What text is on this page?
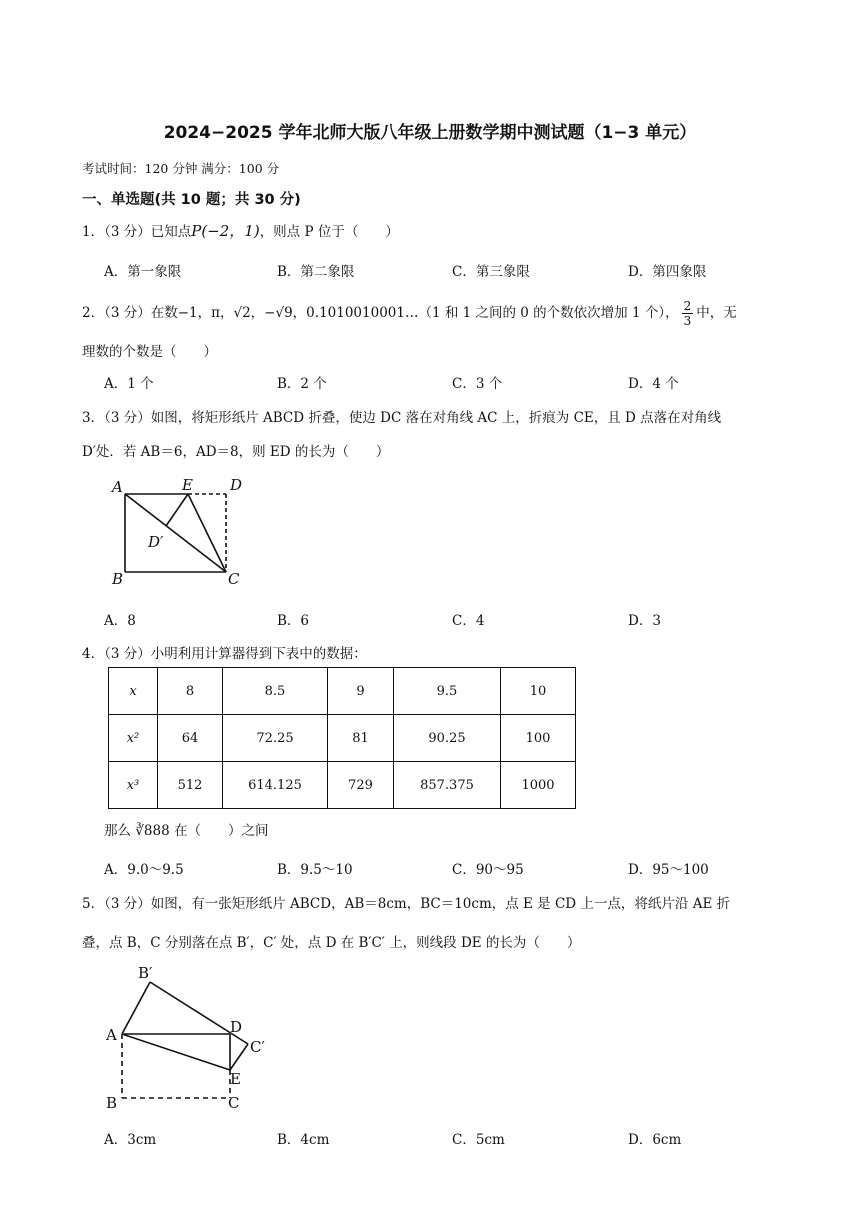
2024−2025 学年北师大版八年级上册数学期中测试题（1−3 单元）
考试时间：120 分钟 满分：100 分
一、单选题(共 10 题；共 30 分)
1．（3 分）已知点P(−2，1)，则点 P 位于（　　）
A．第一象限	B．第二象限	C．第三象限	D．第四象限
2．（3 分）在数−1，π，√2，−√9，0.1010010001…（1 和 1 之间的 0 的个数依次增加 1 个）， $\frac{2}{3}$ 中，无
理数的个数是（　　）
A．1 个	B．2 个	C．3 个	D．4 个
3．（3 分）如图，将矩形纸片 ABCD 折叠，使边 DC 落在对角线 AC 上，折痕为 CE，且 D 点落在对角线
D′处．若 AB＝6，AD＝8，则 ED 的长为（　　）
A	E D
D′
B	C
A．8	B．6	C．4	D．3
4．（3 分）小明利用计算器得到下表中的数据：
x	8	8.5	9	9.5	10
x²	64	72.25	81	90.25	100
x³	512	614.125	729	857.375	1000
那么 ∛888 在（　　）之间
A．9.0～9.5	B．9.5～10	C．90～95	D．95～100
5．（3 分）如图，有一张矩形纸片 ABCD，AB＝8cm，BC＝10cm，点 E 是 CD 上一点，将纸片沿 AE 折
叠，点 B，C 分别落在点 B′，C′ 处，点 D 在 B′C′ 上，则线段 DE 的长为（　　）
B′
A	D
C′
E
B	C
A．3cm	B．4cm	C．5cm	D．6cm
